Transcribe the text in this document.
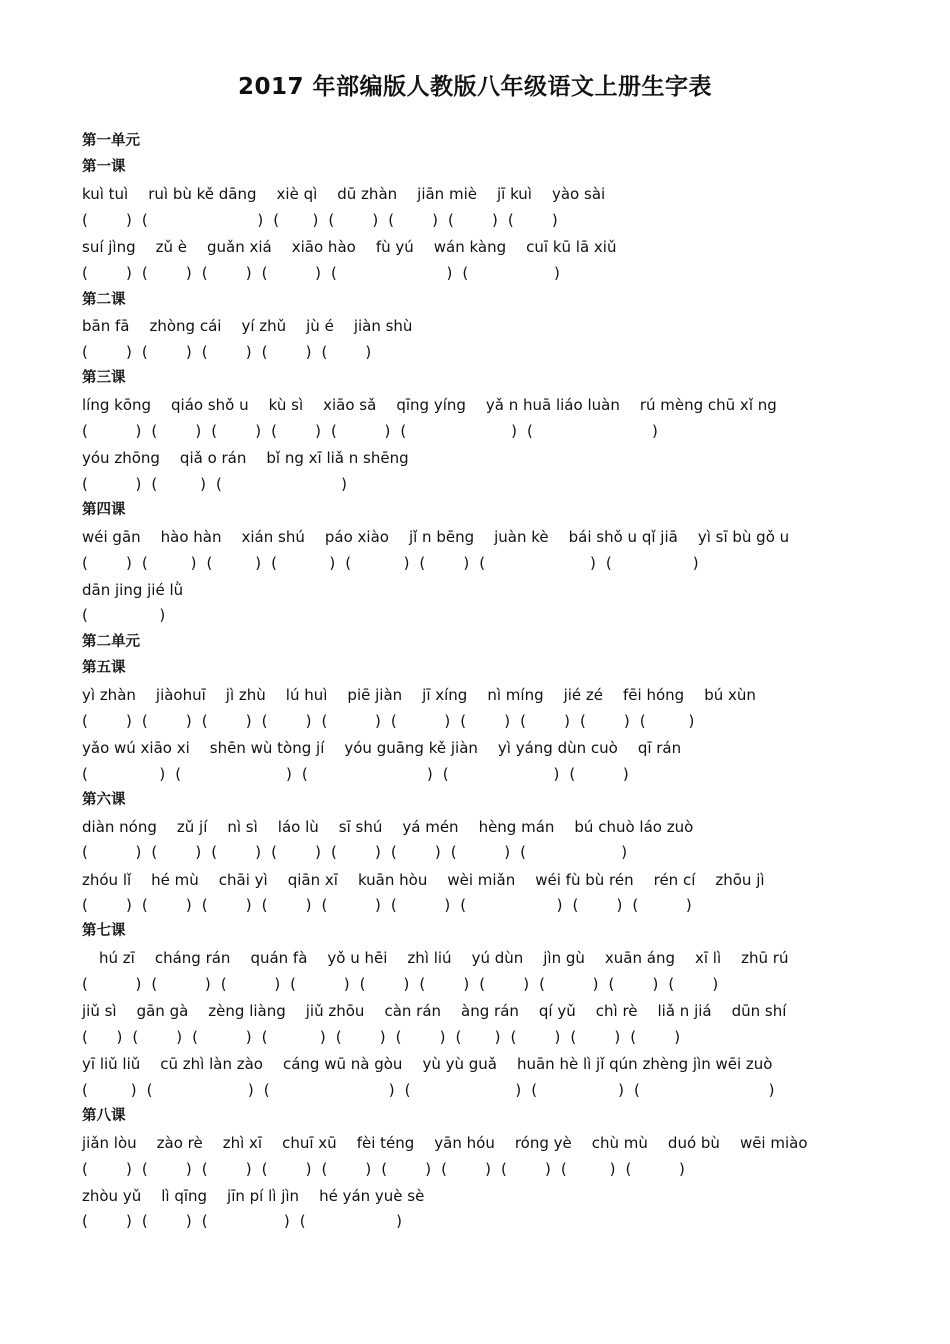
2017 年部编版人教版八年级语文上册生字表
第一单元
第一课
kuì tuì ruì bù kě dāng xiè qì dū zhàn jiān miè jī kuì yào sài
(        ) (                       ) (       ) (        ) (        ) (        ) (        )
suí jìng zǔ è guǎn xiá xiāo hào fù yú wán kàng cuī kū lā xiǔ
(        ) (        ) (        ) (          ) (                       ) (                  )
第二课
bān fā zhòng cái yí zhǔ jù é jiàn shù
(        ) (        ) (        ) (        ) (        )
第三课
líng kōng qiáo shǒ u kù sì xiāo sǎ qīng yíng yǎ n huā liáo luàn rú mèng chū xǐ ng
(          ) (        ) (        ) (        ) (          ) (                      ) (                         )
yóu zhōng qiǎ o rán bǐ ng xī liǎ n shēng
(          ) (         ) (                         )
第四课
wéi gān hào hàn xián shú páo xiào jǐ n bēng juàn kè bái shǒ u qǐ jiā yì sī bù gǒ u
(        ) (         ) (         ) (           ) (           ) (        ) (                      ) (                 )
dān jing jié lǜ
(               )
第二单元
第五课
yì zhàn jiàohuī jì zhù lú huì piē jiàn jī xíng nì míng jié zé fēi hóng bú xùn
(        ) (        ) (        ) (        ) (          ) (          ) (        ) (        ) (        ) (         )
yǎo wú xiāo xi shēn wù tòng jí yóu guāng kě jiàn yì yáng dùn cuò qī rán
(               ) (                      ) (                         ) (                      ) (          )
第六课
diàn nóng zǔ jí nì sì láo lù sī shú yá mén hèng mán bú chuò láo zuò
(          ) (        ) (        ) (        ) (        ) (        ) (          ) (                    )
zhóu lǐ hé mù chāi yì qiān xī kuān hòu wèi miǎn wéi fù bù rén rén cí zhōu jì
(        ) (        ) (        ) (        ) (          ) (          ) (                   ) (        ) (          )
第七课
hú zī cháng rán quán fà yǒ u hēi zhì liú yú dùn jìn gù xuān áng xī lì zhū rú
(          ) (          ) (          ) (          ) (        ) (        ) (        ) (          ) (        ) (        )
jiǔ sì gān gà zèng liàng jiǔ zhōu càn rán àng rán qí yǔ chì rè liǎ n jiá dūn shí
(      ) (        ) (          ) (           ) (        ) (        ) (       ) (        ) (        ) (        )
yī liǔ liǔ cū zhì làn zào cáng wū nà gòu yù yù guǎ huān hè lì jǐ qún zhèng jìn wēi zuò
(         ) (                    ) (                         ) (                      ) (                 ) (                           )
第八课
jiǎn lòu zào rè zhì xī chuī xū fèi téng yān hóu róng yè chù mù duó bù wēi miào
(        ) (        ) (        ) (        ) (        ) (        ) (        ) (        ) (         ) (          )
zhòu yǔ lì qīng jīn pí lì jìn hé yán yuè sè
(        ) (        ) (                ) (                   )
